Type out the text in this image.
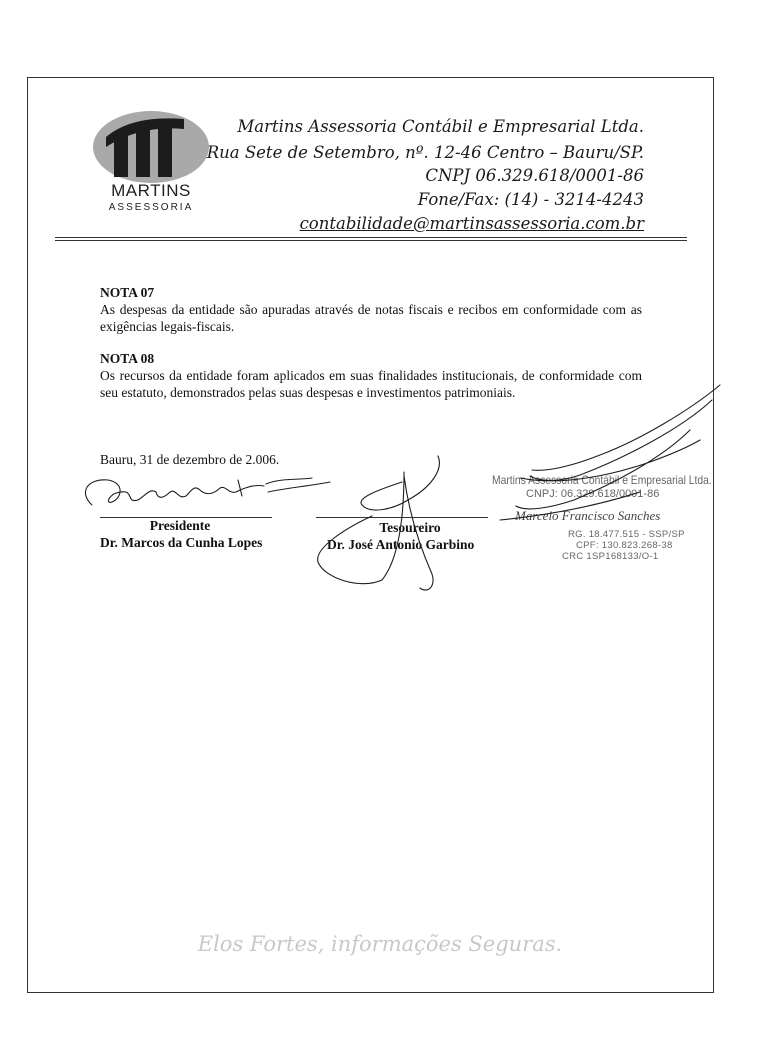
MARTINS
ASSESSORIA
Martins Assessoria Contábil e Empresarial Ltda.
Rua Sete de Setembro, nº. 12-46 Centro – Bauru/SP.
CNPJ 06.329.618/0001-86
Fone/Fax: (14) - 3214-4243
contabilidade@martinsassessoria.com.br
NOTA 07
As despesas da entidade são apuradas através de notas fiscais e recibos em conformidade com as exigências legais-fiscais.
NOTA 08
Os recursos da entidade foram aplicados em suas finalidades institucionais, de conformidade com seu estatuto, demonstrados pelas suas despesas e investimentos patrimoniais.
Bauru, 31 de dezembro de 2.006.
Presidente
Dr. Marcos da Cunha Lopes
Tesoureiro
Dr. José Antonio Garbino
Martins Assessoria Contábil e Empresarial Ltda.
CNPJ: 06.329.618/0001-86
Marcelo Francisco Sanches
RG. 18.477.515 - SSP/SP
CPF: 130.823.268-38
CRC 1SP168133/O-1
Elos Fortes, informações Seguras.
